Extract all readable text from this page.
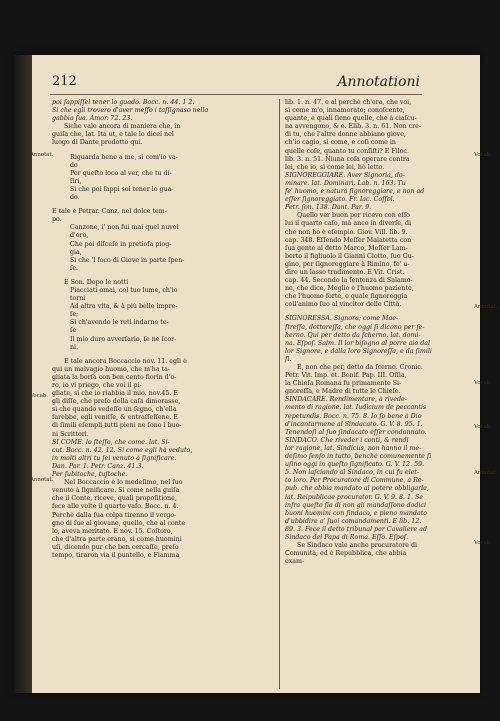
212	Annotationi
poi ſappiſſel tener lo guado. Bocc. n. 44. 1 2.
Si che egli trovero d'aver meſſo i taſſignaso nella
gabbia ſua. Amor. 72. 23.
Siche vale ancora di maniera che, in
guiſa che, lat. Ita ut, e tale lo diceí nel
luogo di Dante prodotto qui.
Riguarda bene a me, sì com'io va-
do
Per queſto loco al ver, che tu di-
ſiri,
Sì che poi ſappi sol tener lo gua-
do.
E tale è Petrar. Canz. nel dolce tem-
po.
Canzone, i' non fui mai quel nuvol
d'oro,
Che poi diſceſe in pretioſa piog-
gia,
Sì che 'l foco di Giove in parte ſpen-
ſe.
E Son. Dopo le notti
Piacciati omai, col tuo lume, ch'io
torni
Ad altra vita, & à più belle impre-
ſe;
Sì ch'avendo le reti indarno te-
ſe
Il mio duro avverſario, ſe ne ſcor-
ni.
E tale ancora Boccaccio nov. 11. egli è
qui un malvagio huomo, che m'ha ta-
gliata la borſa con ben cento fiorin d'o-
ro, io vi priego, che voi il pi-
gliate, sì che io riabbia il mio. nov.45. E
gli diſſe, che preſo della caſa dimorasse,
sì che quando vedeſſe un ſegno, ch'ella
farebbe, egli veniſſe, & entraſſeſſene. E
di ſimili eſempli tutti pieni ne ſono i buo-
ni Scrittori.
SI COME. lo ſteſſo, che come. lat. Si-
cut. Bocc. n. 42. 12. Sì come egli hà veduto,
in molti altri tu ſei venuto à ſignificare.
Dan. Par. 1. Petr. Canz. 41.3.
Per ſubitoche, tuſtoche.
Nel Boccaccio è lo medeſimo, nel ſuo
venuto à ſignificare. Sì come nella guiſa
che il Conte, riceve, quali propoſitione,
fece alle volte il quarto vaſo. Bocc. n. 4.
Perchè dalla ſua colpa tirenno il vergo-
gno di ſue al giovane, quello, che al conte
lo, aveva meritato. E nov. 15. Coſtoro,
che d'altra parte erano, si come huomini
uſi, dicendo pur che ben cercaſſe, preſo
tempo, tiraron via il puntello, e Fiamma
lib. 1. n. 47. e al perchè ch'era, che voi,
sì come m'o, innamorato; conoſcente,
quante, e quali ſieno quelle, che à ciaſcu-
na avvengono, & e. Elib. 3. n. 61. Non cre-
di tu, che l'altre donne abbiano giove,
ch'io cagio, sì come, e coſi come in
quelle coſe, quanto tu conſiſti? E Filoc.
lib. 3. n. 51. Niuna coſa operare contra
lei, che io, sì come lei, hò letto.
SIGNOREGGIARE. Aver Signoria, do-
minare. lat. Dominari. Lab. n. 163. Tu
ſe' huomo, e natura ſignoreggiare, e non ad
eſſer ſignoreggiato. Fr. Iac. Coſſol.
Petr. ſon. 138. Dant. Par. 9.
Quello ver buon per ricevo con eſſo
lui il quarto caſo, mà anco in diverſe, di
che non ho è eſempio. Giov. Vill. lib. 9.
cap. 348. Eſſendo Meſſer Malatetta con
ſua gente al detto Marco, Meſſer Lam-
berto il figliuolo il Gianni Ciotto, ſuo Gu-
gino, per ſignoreggiare à Rimino, fe' u-
dire un lasso tradimento. E Vit. Crist.
cap. 44. Secondo la ſentenza di Salamo-
ne, che dice, Meglio è l'huomo paziente,
che l'huomo forte, e quale ſignoreggia
coll'animo ſuo al vincitor delle Città.
SIGNORESSA. Signora; come Mae-
ſtreſſa, dottoreſſa, che oggi ſi dicono per ſe-
herno. Qui per detto da ſcherno. lat. domi-
na. Eſpoſ. Salm. Il lor biſogno al porre aio dal
lor Signore, e dalla loro Signoreſſa, e da ſimili
ſi.
E, non che per, detto da ſcerno. Cronic.
Petr. Vit. Imp. et. Bonif. Pap. III. Oſſia,
la Chieſa Romana fu primamente Si-
gnoreſſa, e Madre di tutte le Chieſe.
SINDACARE. Rendimentare, à rivede-
mento di ragione. lat. Iudicium de peccantis
repetundis. Bocc. n. 75. 8. Io ſo bene à Dio
d'incantarmene al Sindacato. G. V. 8. 95. 1.
Tenendoſi al ſuo ſindacato eſſer condannato.
SINDACO. Che riveder i conti, & rendi
lor ragione, lat. Sindicus, non hanno il me-
deſimo ſenſo in tutto, benchè comunemente ſi
uſino oggi in queſto ſignificato. G. V. 12. 59.
5. Non laſciando al Sindaco, in cui fu elet-
to loro. Per Procuratore di Commune, à Re-
pub. che abbia mandato al potere obbligarle,
lat. Reipublicae procurator. G. V. 9. 8. 1. Se
infra queſto ſia di non gli mandaſſono dodici
buoni huomini con ſindaco, e pieno mandato
d'ubbidire a' ſuoi comandamenti. E lib. 12.
89. 3. Fece il detto tribunal per Cavaliere ad
Sindaco del Papa di Roma. Eſſo. Eſpoſ.
Se Sindaco vale anche procuratore di
Comunità, ed è Repubblica, che abbia
exam-
Annotat.
Vocab.
Annotat.
Vocab.
Annotat.
Vocab.
Vocab.
Annotat.
Vocab.
